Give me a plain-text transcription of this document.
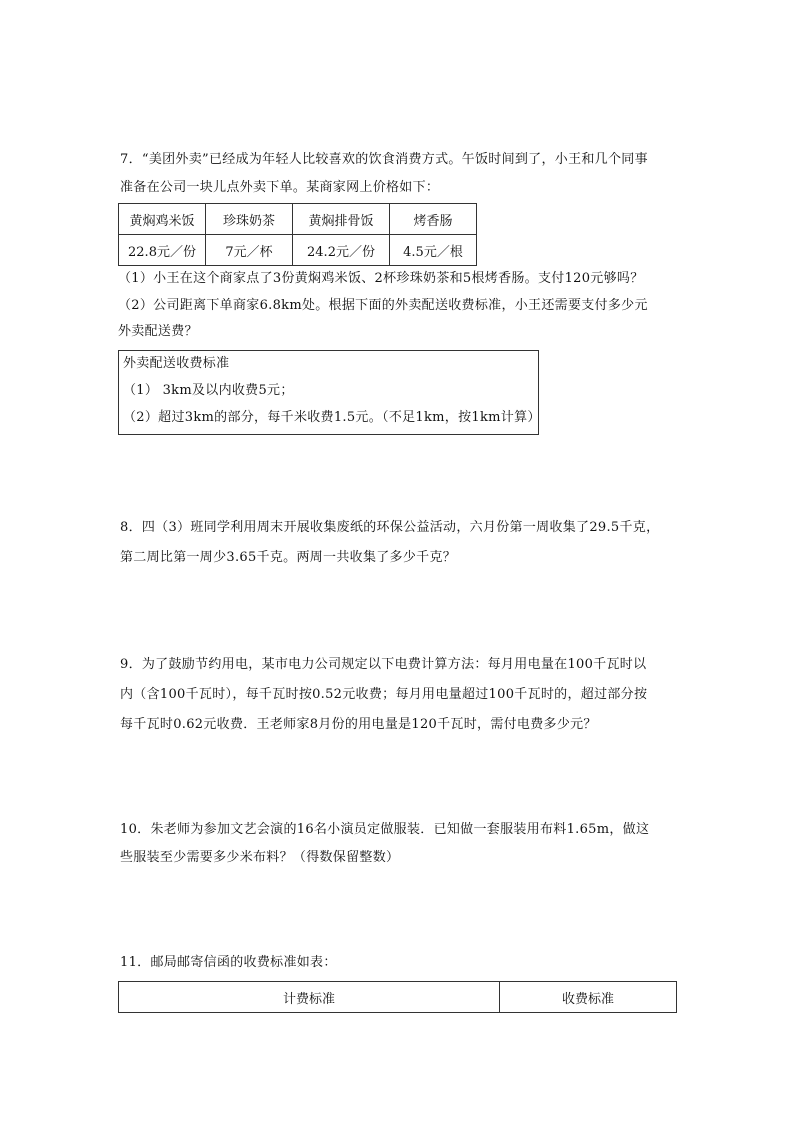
7．“美团外卖”已经成为年轻人比较喜欢的饮食消费方式。午饭时间到了，小王和几个同事
准备在公司一块儿点外卖下单。某商家网上价格如下：
黄焖鸡米饭	珍珠奶茶	黄焖排骨饭	烤香肠
22.8元／份	7元／杯	24.2元／份	4.5元／根
（1）小王在这个商家点了3份黄焖鸡米饭、2杯珍珠奶茶和5根烤香肠。支付120元够吗？
（2）公司距离下单商家6.8km处。根据下面的外卖配送收费标准，小王还需要支付多少元
外卖配送费？
外卖配送收费标准
（1） 3km及以内收费5元；
（2）超过3km的部分，每千米收费1.5元。（不足1km，按1km计算）
8．四（3）班同学利用周末开展收集废纸的环保公益活动，六月份第一周收集了29.5千克，
第二周比第一周少3.65千克。两周一共收集了多少千克？
9．为了鼓励节约用电，某市电力公司规定以下电费计算方法：每月用电量在100千瓦时以
内（含100千瓦时），每千瓦时按0.52元收费；每月用电量超过100千瓦时的，超过部分按
每千瓦时0.62元收费．王老师家8月份的用电量是120千瓦时，需付电费多少元？
10．朱老师为参加文艺会演的16名小演员定做服装．已知做一套服装用布料1.65m，做这
些服装至少需要多少米布料？（得数保留整数）
11．邮局邮寄信函的收费标准如表：
计费标准	收费标准
